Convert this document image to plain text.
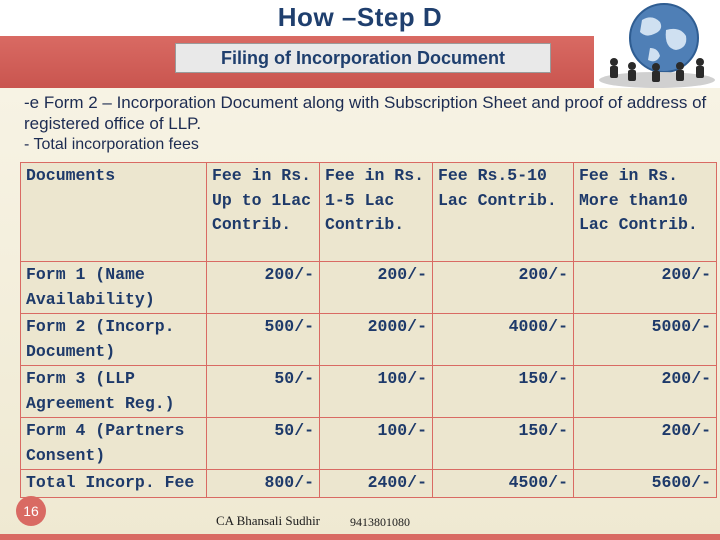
How –Step D
Filing of Incorporation Document
-e Form 2 – Incorporation Document along with Subscription Sheet and proof of address of registered office of LLP.
- Total incorporation fees
Documents	Fee in Rs. Up to 1Lac Contrib.	Fee in Rs. 1-5 Lac Contrib.	Fee Rs.5-10 Lac Contrib.	Fee in Rs. More than10 Lac Contrib.
Form 1 (Name Availability)	200/-	200/-	200/-	200/-
Form 2 (Incorp. Document)	500/-	2000/-	4000/-	5000/-
Form 3 (LLP Agreement Reg.)	50/-	100/-	150/-	200/-
Form 4 (Partners Consent)	50/-	100/-	150/-	200/-
Total Incorp. Fee	800/-	2400/-	4500/-	5600/-
16
CA Bhansali Sudhir 9413801080
